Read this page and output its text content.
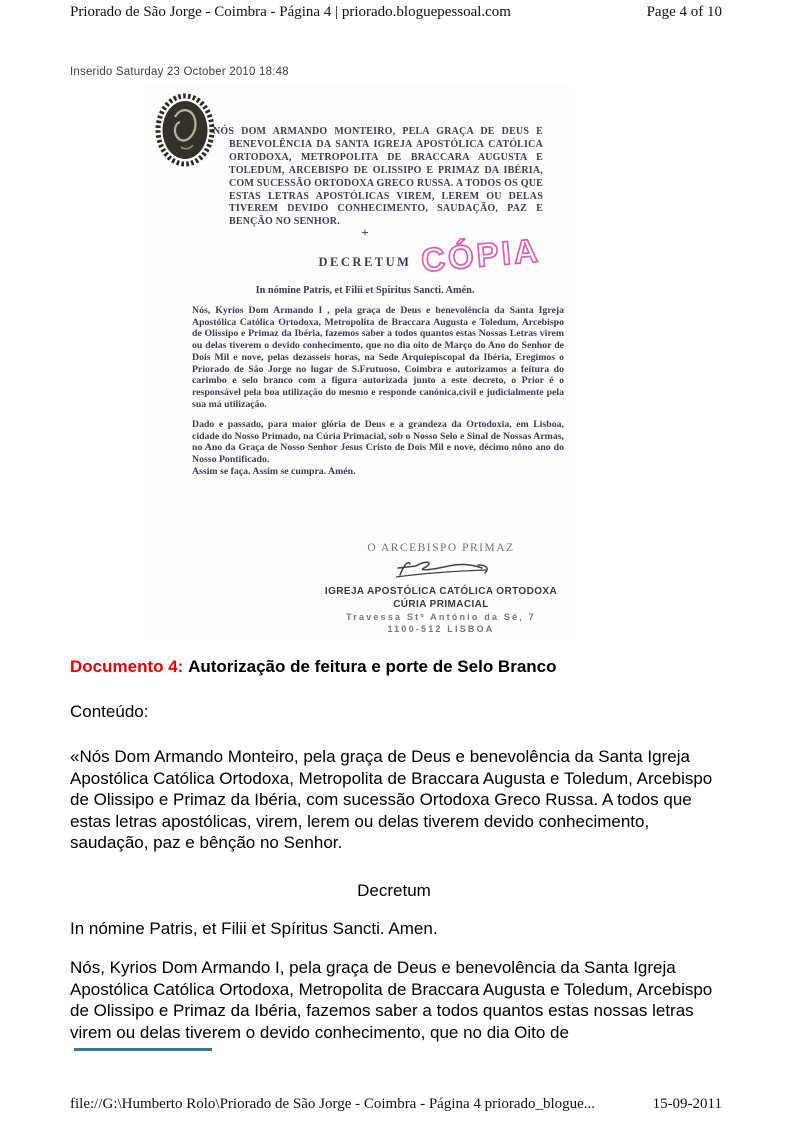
Priorado de São Jorge - Coimbra - Página 4 | priorado.bloguepessoal.com	Page 4 of 10
Inserido Saturday 23 October 2010 18:48
NÓS DOM ARMANDO MONTEIRO, PELA GRAÇA DE DEUS E BENEVOLÊNCIA DA SANTA IGREJA APOSTÓLICA CATÓLICA ORTODOXA, METROPOLITA DE BRACCARA AUGUSTA E TOLEDUM, ARCEBISPO DE OLISSIPO E PRIMAZ DA IBÉRIA, COM SUCESSÃO ORTODOXA GRECO RUSSA. A TODOS OS QUE ESTAS LETRAS APOSTÓLICAS VIREM, LEREM OU DELAS TIVEREM DEVIDO CONHECIMENTO, SAUDAÇÃO, PAZ E BENÇÃO NO SENHOR.
+
DECRETUM CÓPIA
In nómine Patris, et Filii et Spíritus Sancti. Amén.
Nós, Kyrios Dom Armando I , pela graça de Deus e benevolência da Santa Igreja Apostólica Católica Ortodoxa, Metropolita de Braccara Augusta e Toledum, Arcebispo de Olissipo e Primaz da Ibéria, fazemos saber a todos quantos estas Nossas Letras virem ou delas tiverem o devido conhecimento, que no dia oito de Março do Ano do Senhor de Dois Mil e nove, pelas dezasseis horas, na Sede Arquiepiscopal da Ibéria, Eregimos o Priorado de São Jorge no lugar de S.Frutuoso, Coimbra e autorizamos a feitura do carimbo e selo branco com a figura autorizada junto a este decreto, o Prior é o responsável pela boa utilização do mesmo e responde canónica,civil e judicialmente pela sua má utilização.
Dado e passado, para maior glória de Deus e a grandeza da Ortodoxia, em Lisboa, cidade do Nosso Primado, na Cúria Primacial, sob o Nosso Selo e Sinal de Nossas Armas, no Ano da Graça de Nosso Senhor Jesus Cristo de Dois Mil e nove, décimo nôno ano do Nosso Pontificado.
Assim se faça. Assim se cumpra. Amén.
O ARCEBISPO PRIMAZ
IGREJA APOSTÓLICA CATÓLICA ORTODOXA
CÚRIA PRIMACIAL
Travessa Stº António da Sé, 7
1100-512 LISBOA
Documento 4: Autorização de feitura e porte de Selo Branco
Conteúdo:
«Nós Dom Armando Monteiro, pela graça de Deus e benevolência da Santa Igreja Apostólica Católica Ortodoxa, Metropolita de Braccara Augusta e Toledum, Arcebispo de Olissipo e Primaz da Ibéria, com sucessão Ortodoxa Greco Russa. A todos que estas letras apostólicas, virem, lerem ou delas tiverem devido conhecimento, saudação, paz e bênção no Senhor.
Decretum
In nómine Patris, et Filii et Spíritus Sancti. Amen.
Nós, Kyrios Dom Armando I, pela graça de Deus e benevolência da Santa Igreja Apostólica Católica Ortodoxa, Metropolita de Braccara Augusta e Toledum, Arcebispo de Olissipo e Primaz da Ibéria, fazemos saber a todos quantos estas nossas letras virem ou delas tiverem o devido conhecimento, que no dia Oito de
file://G:\Humberto Rolo\Priorado de São Jorge - Coimbra - Página 4 priorado_blogue...	15-09-2011
